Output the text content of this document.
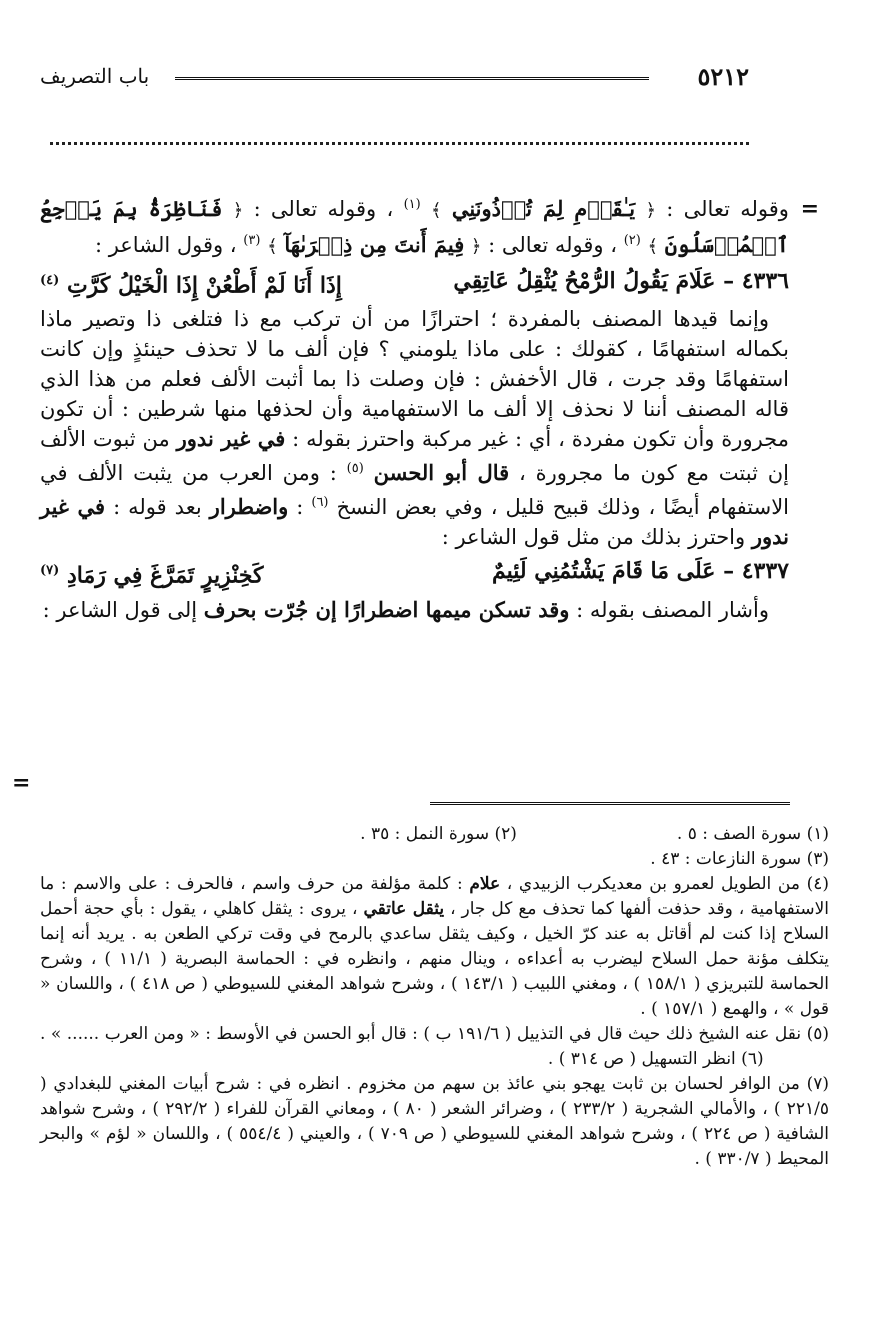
٥٢١٢
باب التصريف
=
=

وقوله تعالى : ﴿ يَـٰقَوۡمِ لِمَ تُؤۡذُونَنِي ﴾ $^{(١)}$ ، وقوله تعالى : ﴿ فَنَاظِرَةُۢ بِمَ يَرۡجِعُ ٱلۡمُرۡسَلُونَ ﴾ $^{(٢)}$ ، وقوله تعالى : ﴿ فِيمَ أَنتَ مِن ذِكۡرَىٰهَآ ﴾ $^{(٣)}$ ، وقول الشاعر :

٤٣٣٦ – عَلَامَ يَقُولُ الرُّمْحُ يُثْقِلُ عَاتِقِي
إِذَا أَنَا لَمْ أَطْعُنْ إِذَا الْخَيْلُ كَرَّتِ $^{(٤)}$

وإنما قيدها المصنف بالمفردة ؛ احترازًا من أن تركب مع ذا فتلغى ذا وتصير ماذا بكماله استفهامًا ، كقولك : على ماذا يلومني ؟ فإن ألف ما لا تحذف حينئذٍ وإن كانت استفهامًا وقد جرت ، قال الأخفش : فإن وصلت ذا بما أثبت الألف فعلم من هذا الذي قاله المصنف أننا لا نحذف إلا ألف ما الاستفهامية وأن لحذفها منها شرطين : أن تكون مجرورة وأن تكون مفردة ، أي : غير مركبة واحترز بقوله : في غير ندور من ثبوت الألف إن ثبتت مع كون ما مجرورة ، قال أبو الحسن $^{(٥)}$ : ومن العرب من يثبت الألف في الاستفهام أيضًا ، وذلك قبيح قليل ، وفي بعض النسخ $^{(٦)}$ : واضطرار بعد قوله : في غير ندور واحترز بذلك من مثل قول الشاعر :

٤٣٣٧ – عَلَى مَا قَامَ يَشْتُمُنِي لَئِيمٌ
كَخِنْزِيرٍ تَمَرَّغَ فِي رَمَادِ $^{(٧)}$

وأشار المصنف بقوله : وقد تسكن ميمها اضطرارًا إن جُرّت بحرف إلى قول الشاعر :

(١) سورة الصف : ٥ .
(٢) سورة النمل : ٣٥ .

(٣) سورة النازعات : ٤٣ .

(٤) من الطويل لعمرو بن معديكرب الزبيدي ، علام : كلمة مؤلفة من حرف واسم ، فالحرف : على والاسم : ما الاستفهامية ، وقد حذفت ألفها كما تحذف مع كل جار ، يثقل عاتقي ، يروى : يثقل كاهلي ، يقول : بأي حجة أحمل السلاح إذا كنت لم أقاتل به عند كرّ الخيل ، وكيف يثقل ساعدي بالرمح في وقت تركي الطعن به . يريد أنه إنما يتكلف مؤنة حمل السلاح ليضرب به أعداءه ، وينال منهم ، وانظره في : الحماسة البصرية ( ١١/١ ) ، وشرح الحماسة للتبريزي ( ١٥٨/١ ) ، ومغني اللبيب ( ١٤٣/١ ) ، وشرح شواهد المغني للسيوطي ( ص ٤١٨ ) ، واللسان « قول » ، والهمع ( ١٥٧/١ ) .

(٥) نقل عنه الشيخ ذلك حيث قال في التذييل ( ١٩١/٦ ب ) : قال أبو الحسن في الأوسط : « ومن العرب ...... » .  (٦) انظر التسهيل ( ص ٣١٤ ) .

(٧) من الوافر لحسان بن ثابت يهجو بني عائذ بن سهم من مخزوم . انظره في : شرح أبيات المغني للبغدادي ( ٢٢١/٥ ) ، والأمالي الشجرية ( ٢٣٣/٢ ) ، وضرائر الشعر ( ٨٠ ) ، ومعاني القرآن للفراء ( ٢٩٢/٢ ) ، وشرح شواهد الشافية ( ص ٢٢٤ ) ، وشرح شواهد المغني للسيوطي ( ص ٧٠٩ ) ، والعيني ( ٥٥٤/٤ ) ، واللسان « لؤم » والبحر المحيط ( ٣٣٠/٧ ) .
